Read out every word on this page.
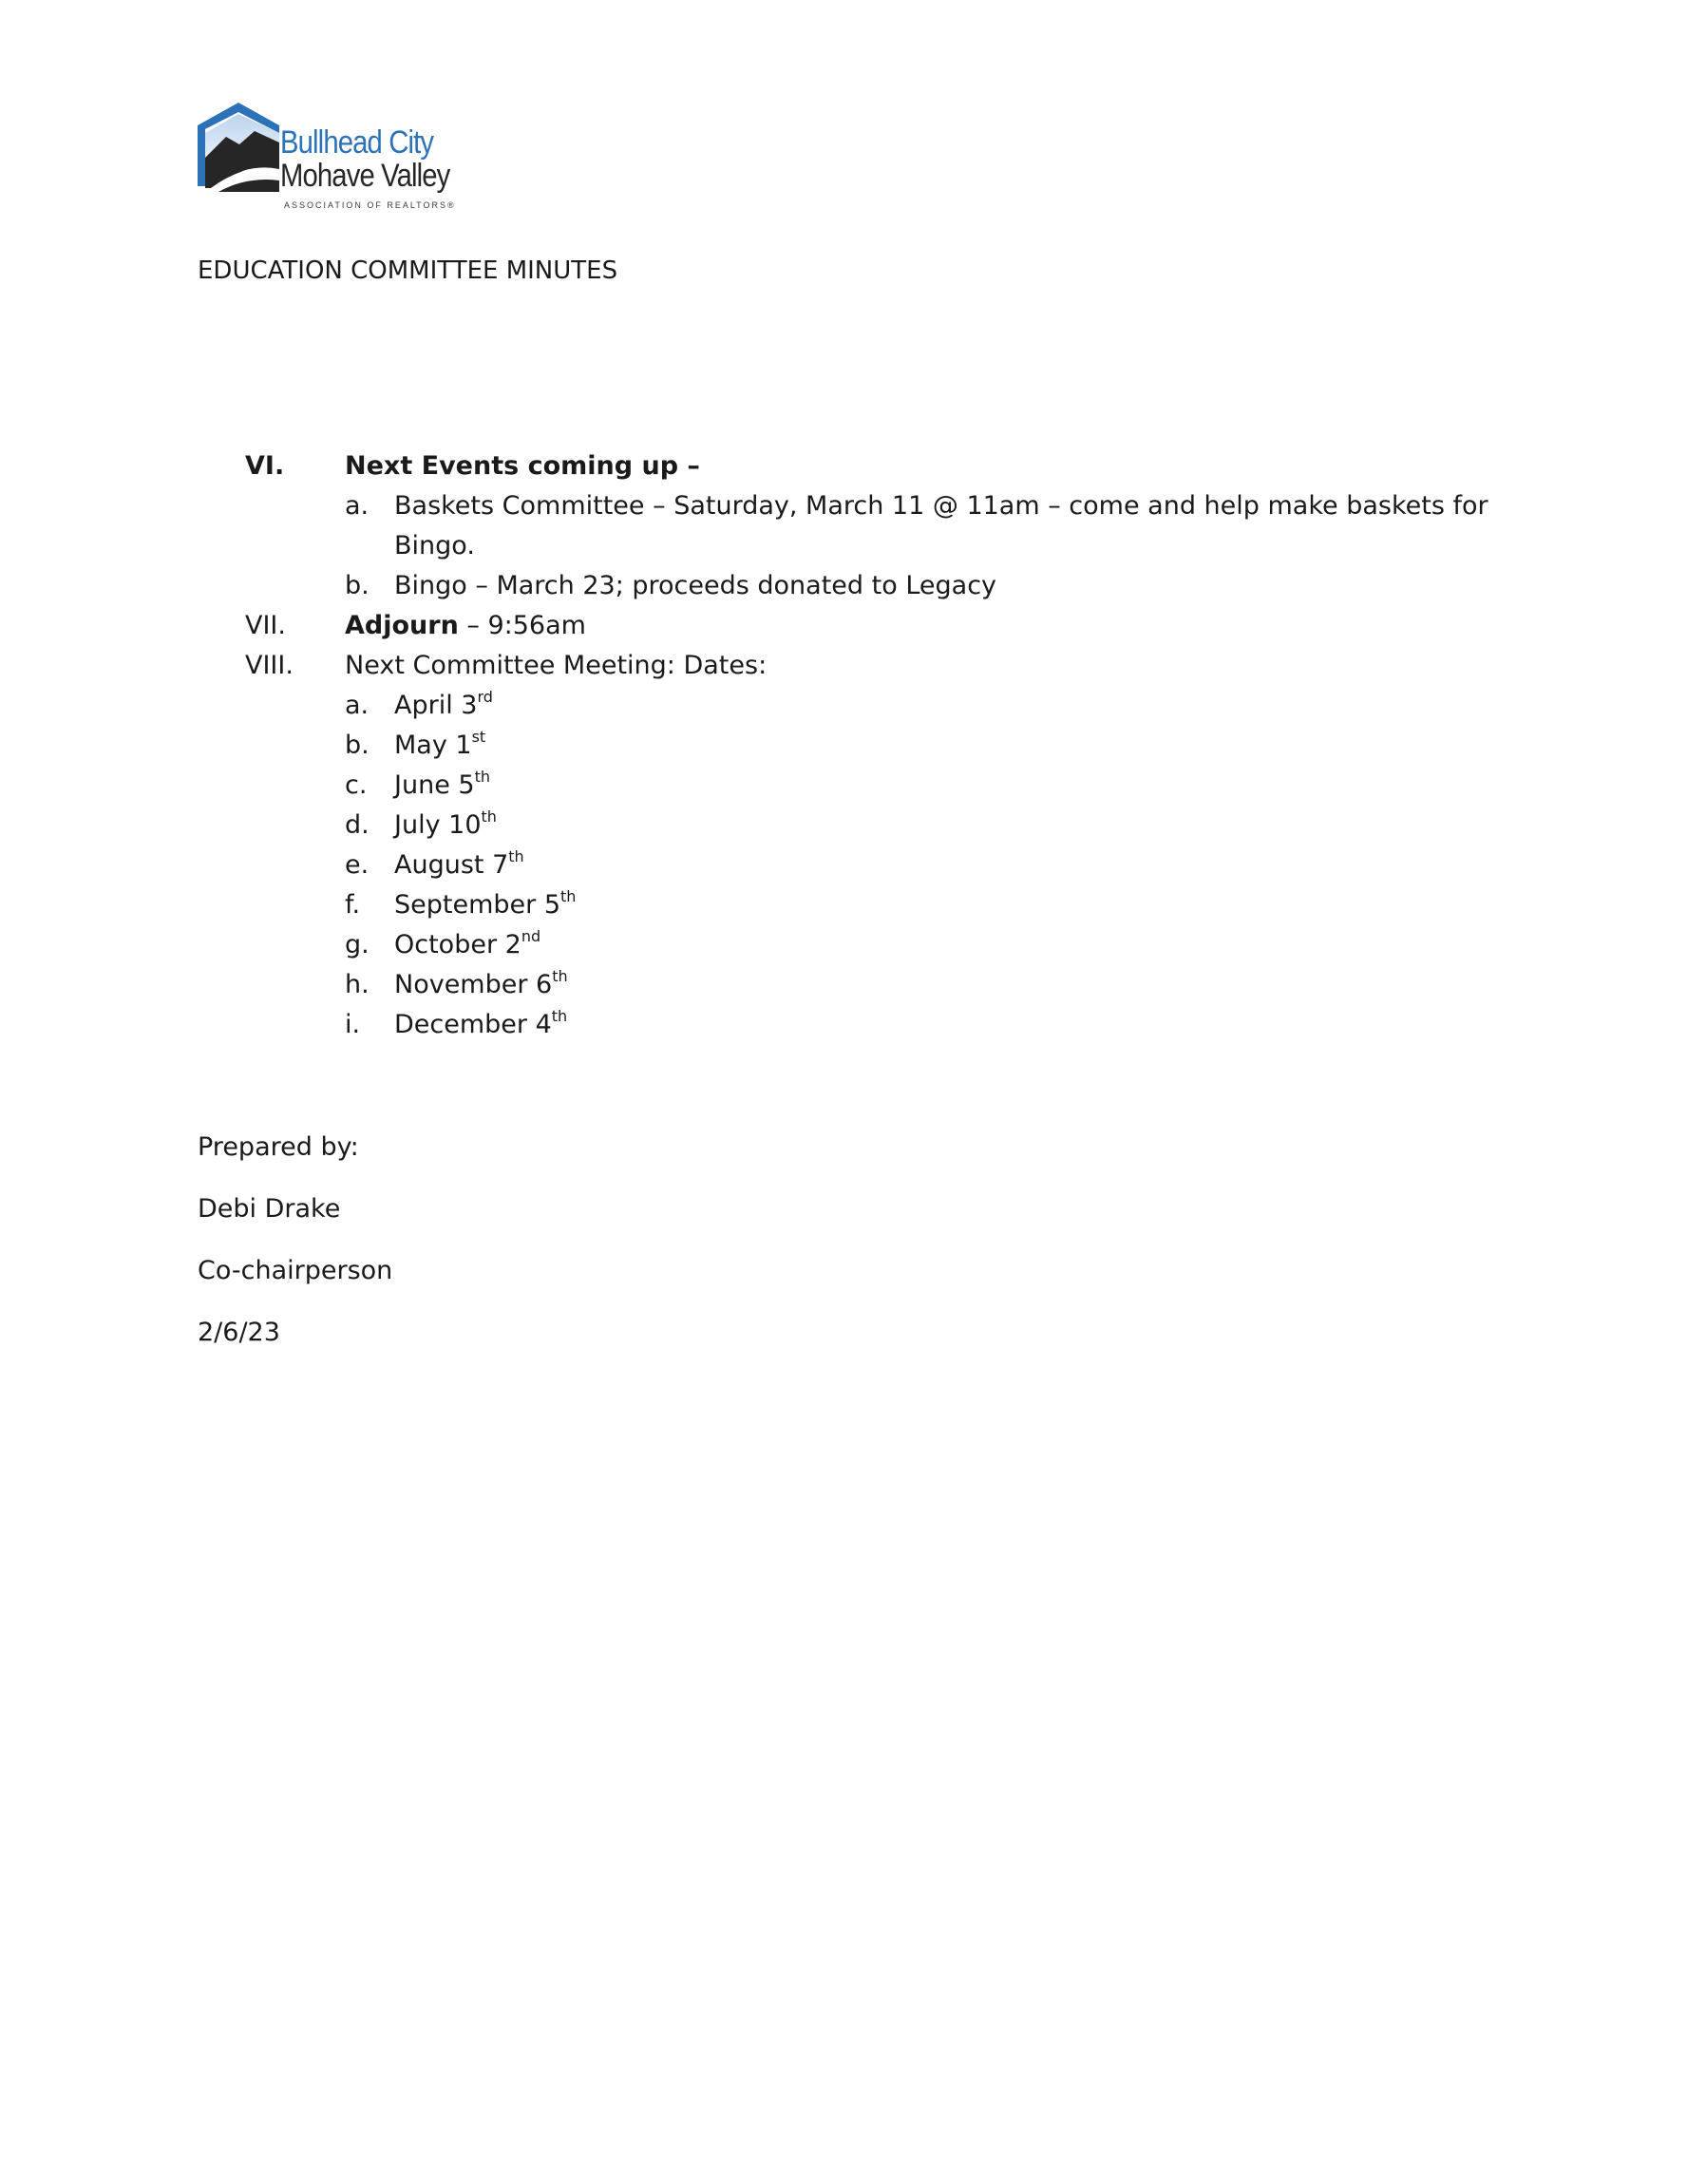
Bullhead City
Mohave Valley
ASSOCIATION OF REALTORS®
EDUCATION COMMITTEE MINUTES
VI. Next Events coming up –
a. Baskets Committee – Saturday, March 11 @ 11am – come and help make baskets for
Bingo.
b. Bingo – March 23; proceeds donated to Legacy
VII. Adjourn – 9:56am
VIII. Next Committee Meeting: Dates:
a. April 3rd
b. May 1st
c. June 5th
d. July 10th
e. August 7th
f. September 5th
g. October 2nd
h. November 6th
i. December 4th
Prepared by:
Debi Drake
Co-chairperson
2/6/23
